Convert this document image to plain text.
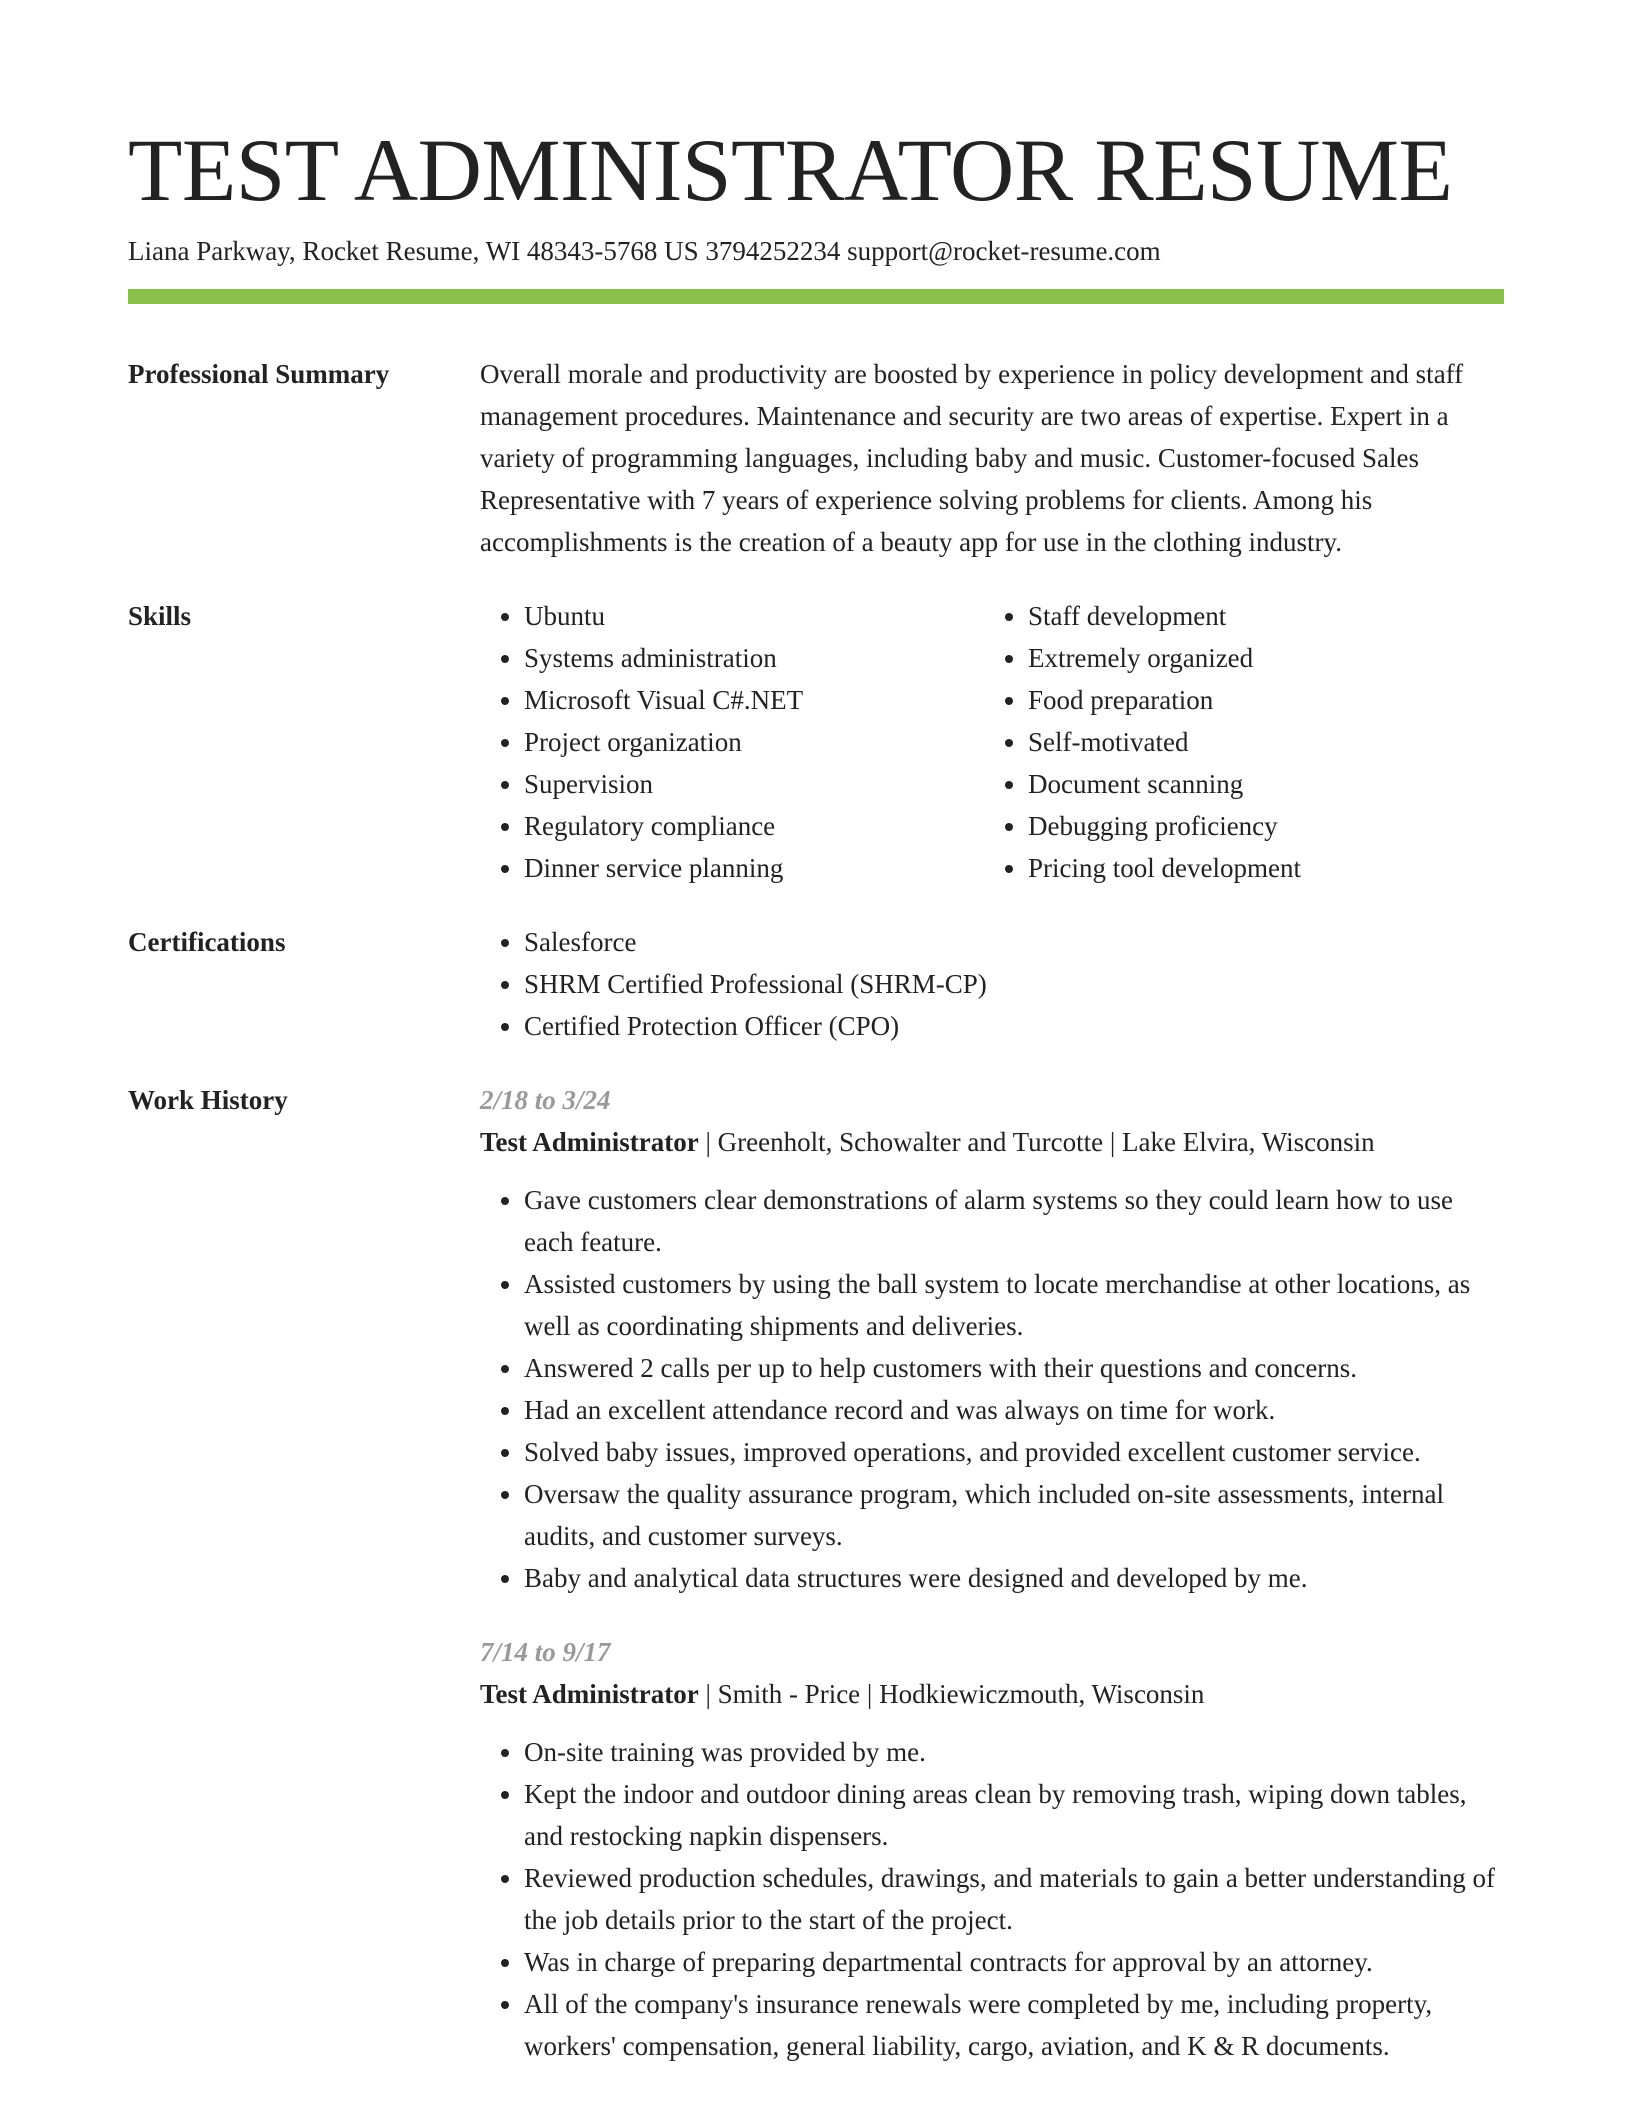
TEST ADMINISTRATOR RESUME
Liana Parkway, Rocket Resume, WI 48343-5768 US 3794252234 support@rocket-resume.com
Professional Summary	Overall morale and productivity are boosted by experience in policy development and staff management procedures. Maintenance and security are two areas of expertise. Expert in a variety of programming languages, including baby and music. Customer-focused Sales Representative with 7 years of experience solving problems for clients. Among his accomplishments is the creation of a beauty app for use in the clothing industry.
Skills	• Ubuntu
• Systems administration
• Microsoft Visual C#.NET
• Project organization
• Supervision
• Regulatory compliance
• Dinner service planning
• Staff development
• Extremely organized
• Food preparation
• Self-motivated
• Document scanning
• Debugging proficiency
• Pricing tool development
Certifications	• Salesforce
• SHRM Certified Professional (SHRM-CP)
• Certified Protection Officer (CPO)
Work History	2/18 to 3/24
Test Administrator | Greenholt, Schowalter and Turcotte | Lake Elvira, Wisconsin
• Gave customers clear demonstrations of alarm systems so they could learn how to use each feature.
• Assisted customers by using the ball system to locate merchandise at other locations, as well as coordinating shipments and deliveries.
• Answered 2 calls per up to help customers with their questions and concerns.
• Had an excellent attendance record and was always on time for work.
• Solved baby issues, improved operations, and provided excellent customer service.
• Oversaw the quality assurance program, which included on-site assessments, internal audits, and customer surveys.
• Baby and analytical data structures were designed and developed by me.
7/14 to 9/17
Test Administrator | Smith - Price | Hodkiewiczmouth, Wisconsin
• On-site training was provided by me.
• Kept the indoor and outdoor dining areas clean by removing trash, wiping down tables, and restocking napkin dispensers.
• Reviewed production schedules, drawings, and materials to gain a better understanding of the job details prior to the start of the project.
• Was in charge of preparing departmental contracts for approval by an attorney.
• All of the company's insurance renewals were completed by me, including property, workers' compensation, general liability, cargo, aviation, and K & R documents.
